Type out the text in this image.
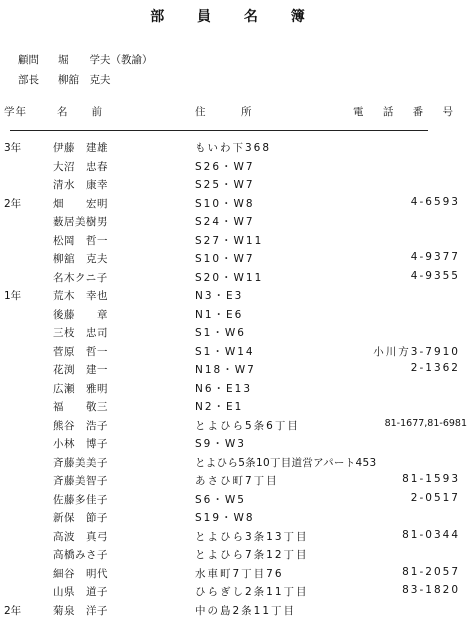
部 員 名 簿
顧問 堀　　学夫（教諭）
部長 柳舘　克夫
学年	名　　前	住　　　所	電 話 番 号
3年	伊藤　建雄	もいわ下368
大沼　忠春	S26・W7
清水　康幸	S25・W7
2年	畑　　宏明	S10・W8	4-6593
薮居美樹男	S24・W7
松岡　哲一	S27・W11
柳舘　克夫	S10・W7	4-9377
名木クニ子	S20・W11	4-9355
1年	荒木　幸也	N3・E3
後藤　　章	N1・E6
三枝　忠司	S1・W6
菅原　哲一	S1・W14	小川方3-7910
花渕　建一	N18・W7	2-1362
広瀬　雅明	N6・E13
福　　敬三	N2・E1
熊谷　浩子	とよひら5条6丁目	81-1677,81-6981
小林　博子	S9・W3
斉藤美美子	とよひら5条10丁目道営アパート453
斉藤美智子	あさひ町7丁目	81-1593
佐藤多佳子	S6・W5	2-0517
新保　節子	S19・W8
高波　真弓	とよひら3条13丁目	81-0344
高橋みさ子	とよひら7条12丁目
細谷　明代	水車町7丁目76	81-2057
山県　道子	ひらぎし2条11丁目	83-1820
2年	菊泉　洋子	中の島2条11丁目
